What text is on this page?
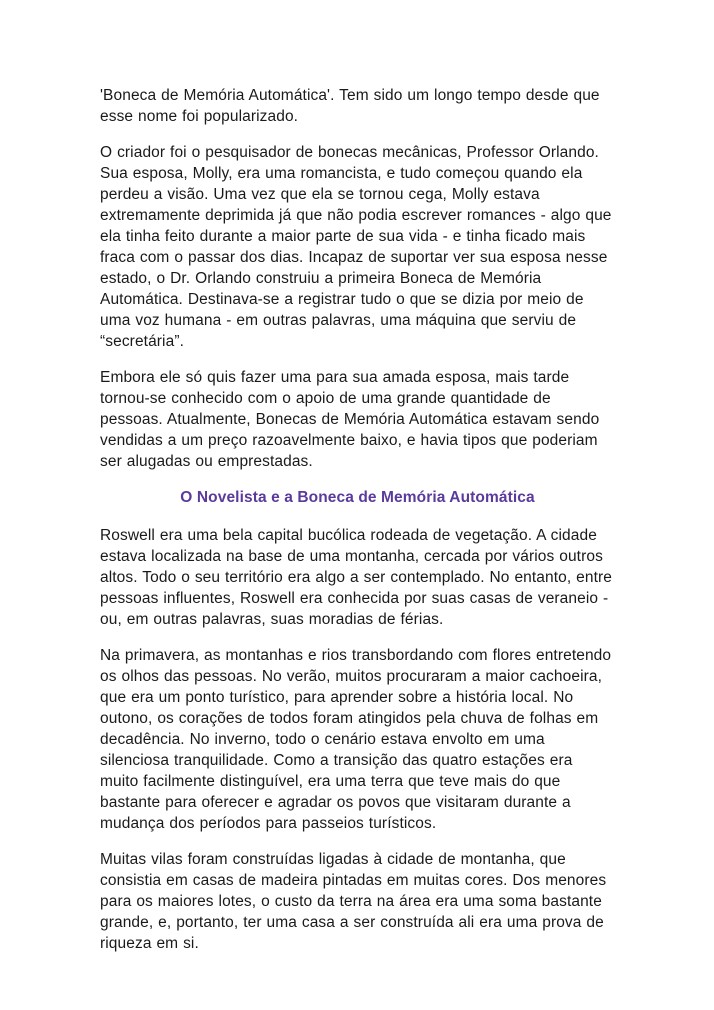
'Boneca de Memória Automática'. Tem sido um longo tempo desde que esse nome foi popularizado.

O criador foi o pesquisador de bonecas mecânicas, Professor Orlando. Sua esposa, Molly, era uma romancista, e tudo começou quando ela perdeu a visão. Uma vez que ela se tornou cega, Molly estava extremamente deprimida já que não podia escrever romances - algo que ela tinha feito durante a maior parte de sua vida - e tinha ficado mais fraca com o passar dos dias. Incapaz de suportar ver sua esposa nesse estado, o Dr. Orlando construiu a primeira Boneca de Memória Automática. Destinava-se a registrar tudo o que se dizia por meio de uma voz humana - em outras palavras, uma máquina que serviu de “secretária”.

Embora ele só quis fazer uma para sua amada esposa, mais tarde tornou-se conhecido com o apoio de uma grande quantidade de pessoas. Atualmente, Bonecas de Memória Automática estavam sendo vendidas a um preço razoavelmente baixo, e havia tipos que poderiam ser alugadas ou emprestadas.

O Novelista e a Boneca de Memória Automática

Roswell era uma bela capital bucólica rodeada de vegetação. A cidade estava localizada na base de uma montanha, cercada por vários outros altos. Todo o seu território era algo a ser contemplado. No entanto, entre pessoas influentes, Roswell era conhecida por suas casas de veraneio - ou, em outras palavras, suas moradias de férias.

Na primavera, as montanhas e rios transbordando com flores entretendo os olhos das pessoas. No verão, muitos procuraram a maior cachoeira, que era um ponto turístico, para aprender sobre a história local. No outono, os corações de todos foram atingidos pela chuva de folhas em decadência. No inverno, todo o cenário estava envolto em uma silenciosa tranquilidade. Como a transição das quatro estações era muito facilmente distinguível, era uma terra que teve mais do que bastante para oferecer e agradar os povos que visitaram durante a mudança dos períodos para passeios turísticos.

Muitas vilas foram construídas ligadas à cidade de montanha, que consistia em casas de madeira pintadas em muitas cores. Dos menores para os maiores lotes, o custo da terra na área era uma soma bastante grande, e, portanto, ter uma casa a ser construída ali era uma prova de riqueza em si.
